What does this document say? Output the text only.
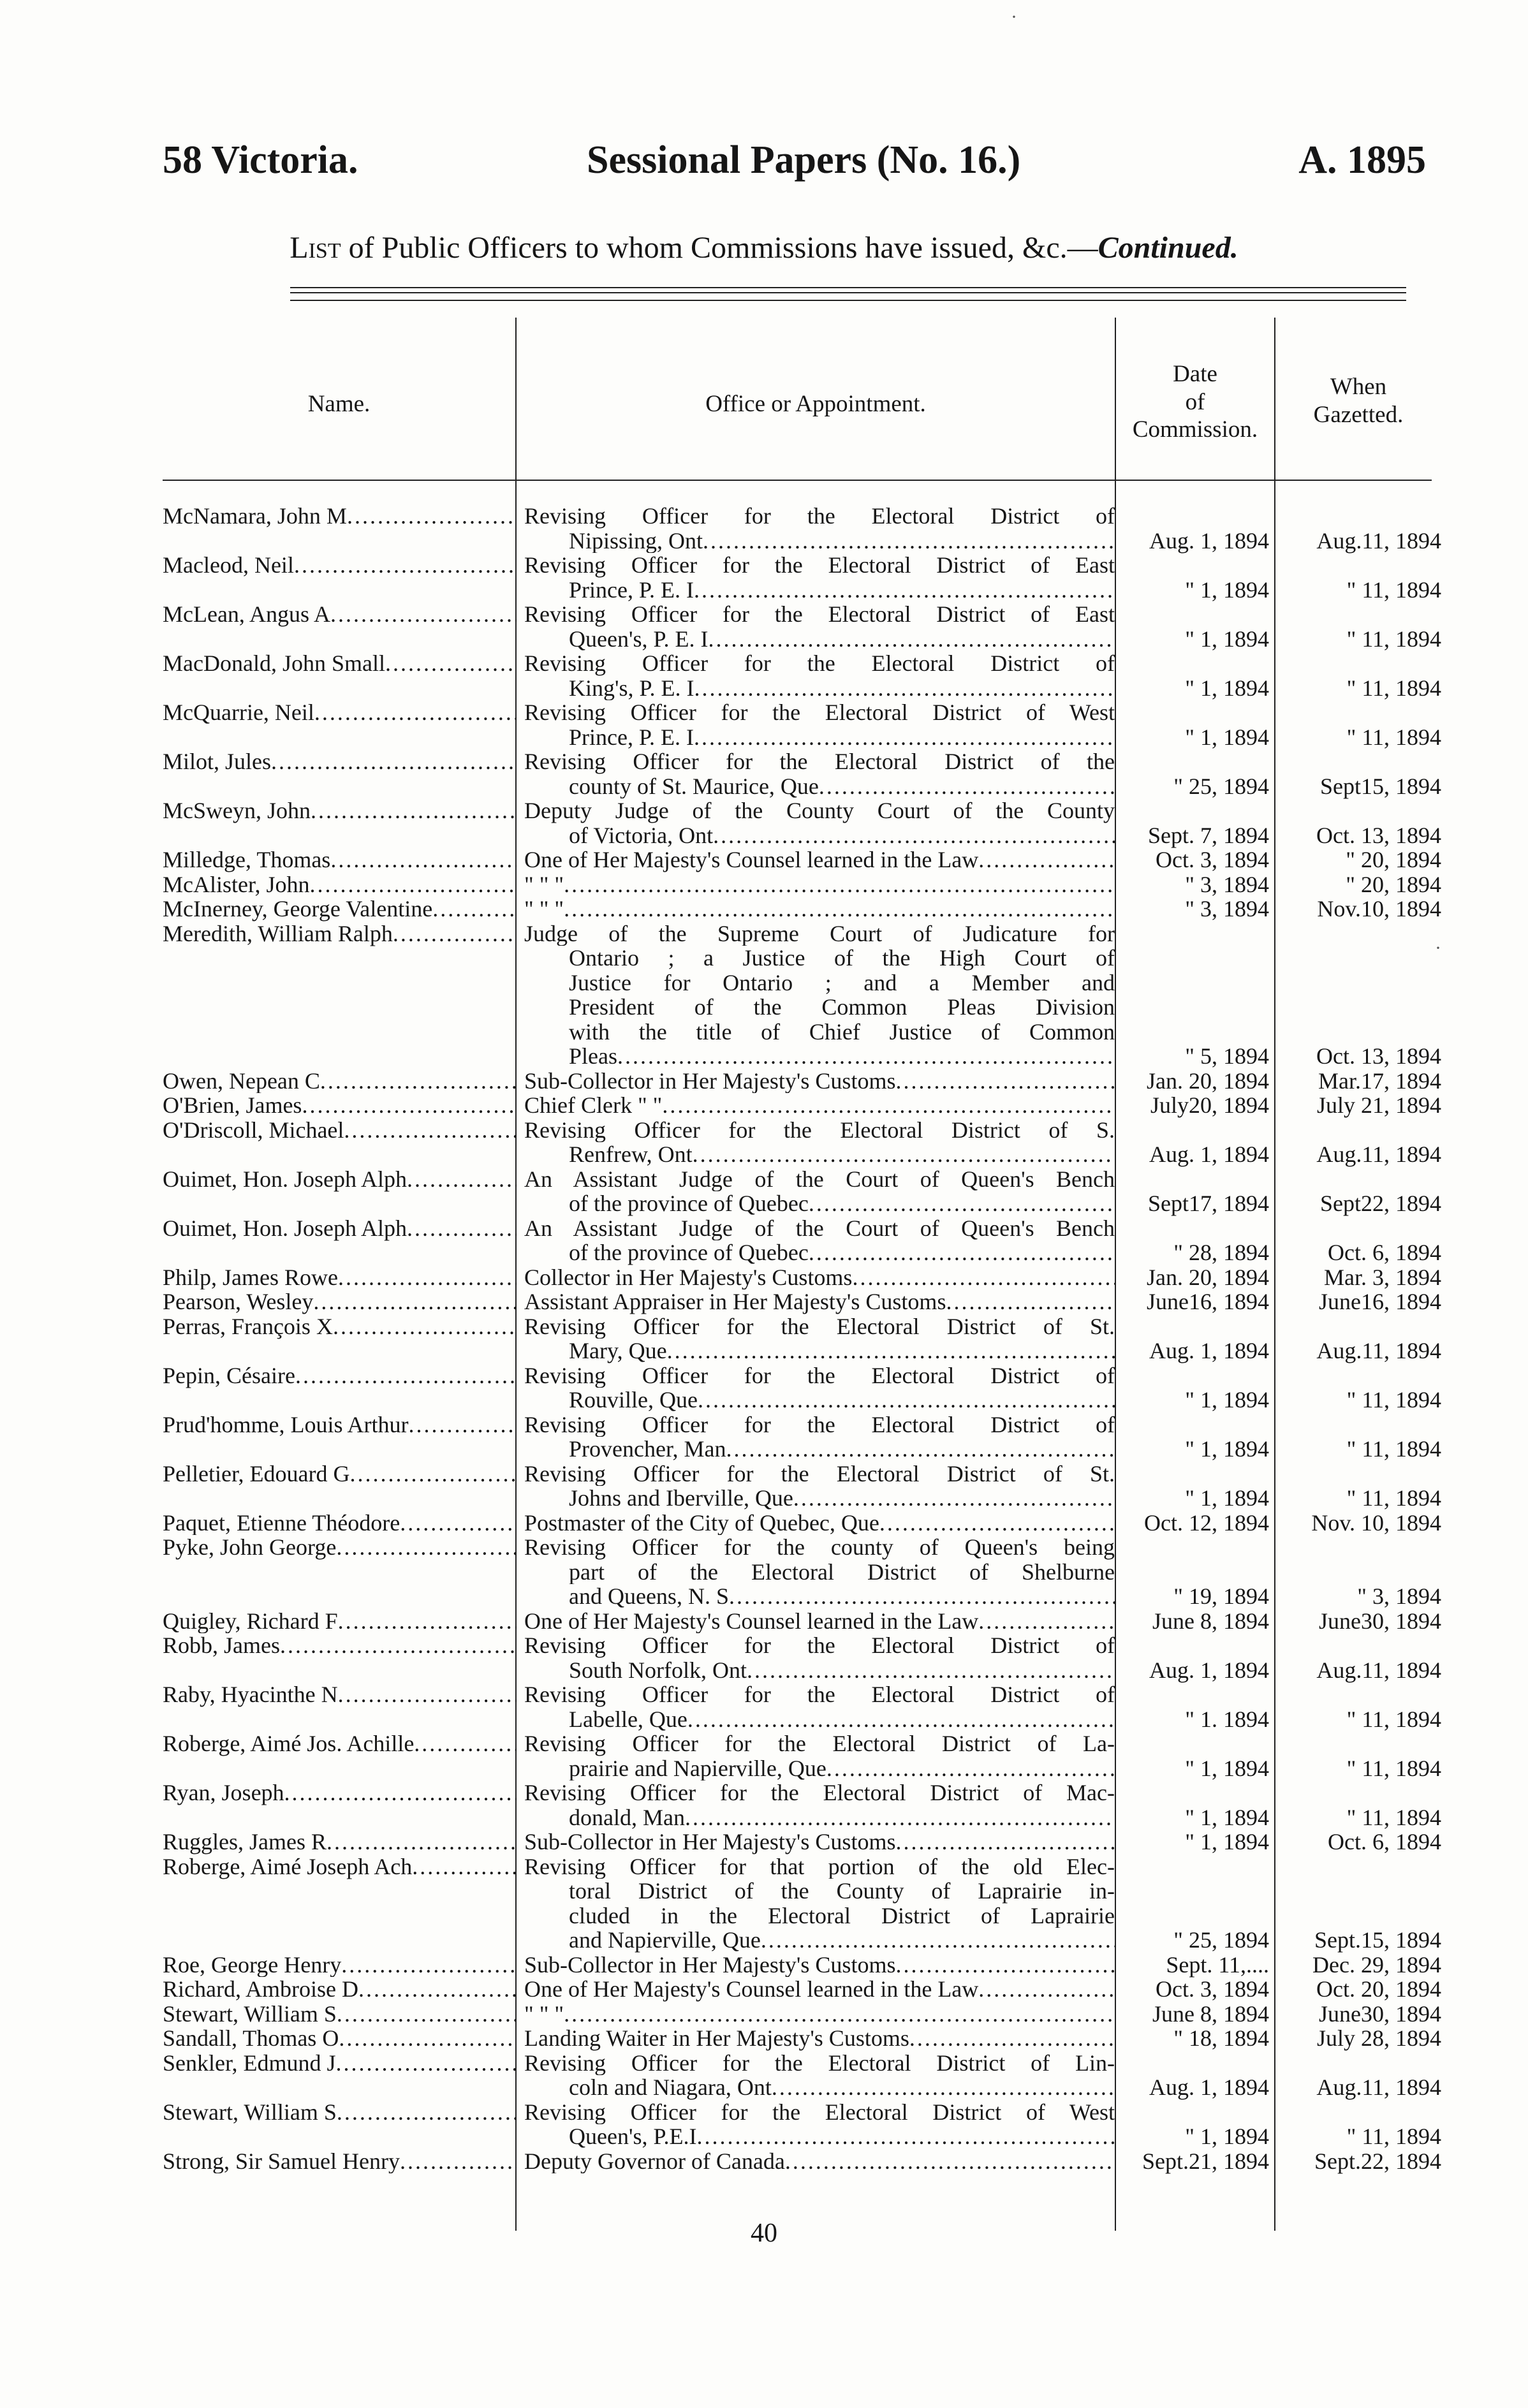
58 Victoria.	Sessional Papers (No. 16.)	A. 1895
List of Public Officers to whom Commissions have issued, &c.—Continued.
Name.	Office or Appointment.
Date
of
Commission.
When
Gazetted.
McNamara, John M .....	Revising Officer for the Electoral District of
Nipissing, Ont .....	Aug. 1, 1894	Aug.11, 1894
Macleod, Neil .....	Revising Officer for the Electoral District of East
Prince, P. E. I .....	" 1, 1894	" 11, 1894
McLean, Angus A .....	Revising Officer for the Electoral District of East
Queen's, P. E. I .....	" 1, 1894	" 11, 1894
MacDonald, John Small .....	Revising Officer for the Electoral District of
King's, P. E. I .....	" 1, 1894	" 11, 1894
McQuarrie, Neil .....	Revising Officer for the Electoral District of West
Prince, P. E. I .....	" 1, 1894	" 11, 1894
Milot, Jules .....	Revising Officer for the Electoral District of the
county of St. Maurice, Que .....	" 25, 1894	Sept15, 1894
McSweyn, John .....	Deputy Judge of the County Court of the County
of Victoria, Ont .....	Sept. 7, 1894	Oct. 13, 1894
Milledge, Thomas .....	One of Her Majesty's Counsel learned in the Law .....	Oct. 3, 1894	" 20, 1894
McAlister, John .....	" " " .....	" 3, 1894	" 20, 1894
McInerney, George Valentine .....	" " " .....	" 3, 1894	Nov.10, 1894
Meredith, William Ralph .....	Judge of the Supreme Court of Judicature for
Ontario ; a Justice of the High Court of
Justice for Ontario ; and a Member and
President of the Common Pleas Division
with the title of Chief Justice of Common
Pleas .....	" 5, 1894	Oct. 13, 1894
Owen, Nepean C .....	Sub-Collector in Her Majesty's Customs .....	Jan. 20, 1894	Mar.17, 1894
O'Brien, James .....	Chief Clerk " " .....	July20, 1894	July 21, 1894
O'Driscoll, Michael .....	Revising Officer for the Electoral District of S.
Renfrew, Ont .....	Aug. 1, 1894	Aug.11, 1894
Ouimet, Hon. Joseph Alph .....	An Assistant Judge of the Court of Queen's Bench
of the province of Quebec .....	Sept17, 1894	Sept22, 1894
Ouimet, Hon. Joseph Alph .....	An Assistant Judge of the Court of Queen's Bench
of the province of Quebec .....	" 28, 1894	Oct. 6, 1894
Philp, James Rowe .....	Collector in Her Majesty's Customs .....	Jan. 20, 1894	Mar. 3, 1894
Pearson, Wesley .....	Assistant Appraiser in Her Majesty's Customs .....	June16, 1894	June16, 1894
Perras, François X .....	Revising Officer for the Electoral District of St.
Mary, Que .....	Aug. 1, 1894	Aug.11, 1894
Pepin, Césaire .....	Revising Officer for the Electoral District of
Rouville, Que .....	" 1, 1894	" 11, 1894
Prud'homme, Louis Arthur .....	Revising Officer for the Electoral District of
Provencher, Man .....	" 1, 1894	" 11, 1894
Pelletier, Edouard G .....	Revising Officer for the Electoral District of St.
Johns and Iberville, Que .....	" 1, 1894	" 11, 1894
Paquet, Etienne Théodore .....	Postmaster of the City of Quebec, Que .....	Oct. 12, 1894	Nov. 10, 1894
Pyke, John George .....	Revising Officer for the county of Queen's being
part of the Electoral District of Shelburne
and Queens, N. S .....	" 19, 1894	" 3, 1894
Quigley, Richard F .....	One of Her Majesty's Counsel learned in the Law .....	June 8, 1894	June30, 1894
Robb, James .....	Revising Officer for the Electoral District of
South Norfolk, Ont .....	Aug. 1, 1894	Aug.11, 1894
Raby, Hyacinthe N .....	Revising Officer for the Electoral District of
Labelle, Que .....	" 1. 1894	" 11, 1894
Roberge, Aimé Jos. Achille .....	Revising Officer for the Electoral District of La-
prairie and Napierville, Que .....	" 1, 1894	" 11, 1894
Ryan, Joseph .....	Revising Officer for the Electoral District of Mac-
donald, Man .....	" 1, 1894	" 11, 1894
Ruggles, James R .....	Sub-Collector in Her Majesty's Customs .....	" 1, 1894	Oct. 6, 1894
Roberge, Aimé Joseph Ach .....	Revising Officer for that portion of the old Elec-
toral District of the County of Laprairie in-
cluded in the Electoral District of Laprairie
and Napierville, Que .....	" 25, 1894	Sept.15, 1894
Roe, George Henry .....	Sub-Collector in Her Majesty's Customs .....	Sept. 11,....	Dec. 29, 1894
Richard, Ambroise D .....	One of Her Majesty's Counsel learned in the Law .....	Oct. 3, 1894	Oct. 20, 1894
Stewart, William S .....	" " " .....	June 8, 1894	June30, 1894
Sandall, Thomas O .....	Landing Waiter in Her Majesty's Customs .....	" 18, 1894	July 28, 1894
Senkler, Edmund J .....	Revising Officer for the Electoral District of Lin-
coln and Niagara, Ont .....	Aug. 1, 1894	Aug.11, 1894
Stewart, William S .....	Revising Officer for the Electoral District of West
Queen's, P.E.I .....	" 1, 1894	" 11, 1894
Strong, Sir Samuel Henry .....	Deputy Governor of Canada .....	Sept.21, 1894	Sept.22, 1894
40
·
·
